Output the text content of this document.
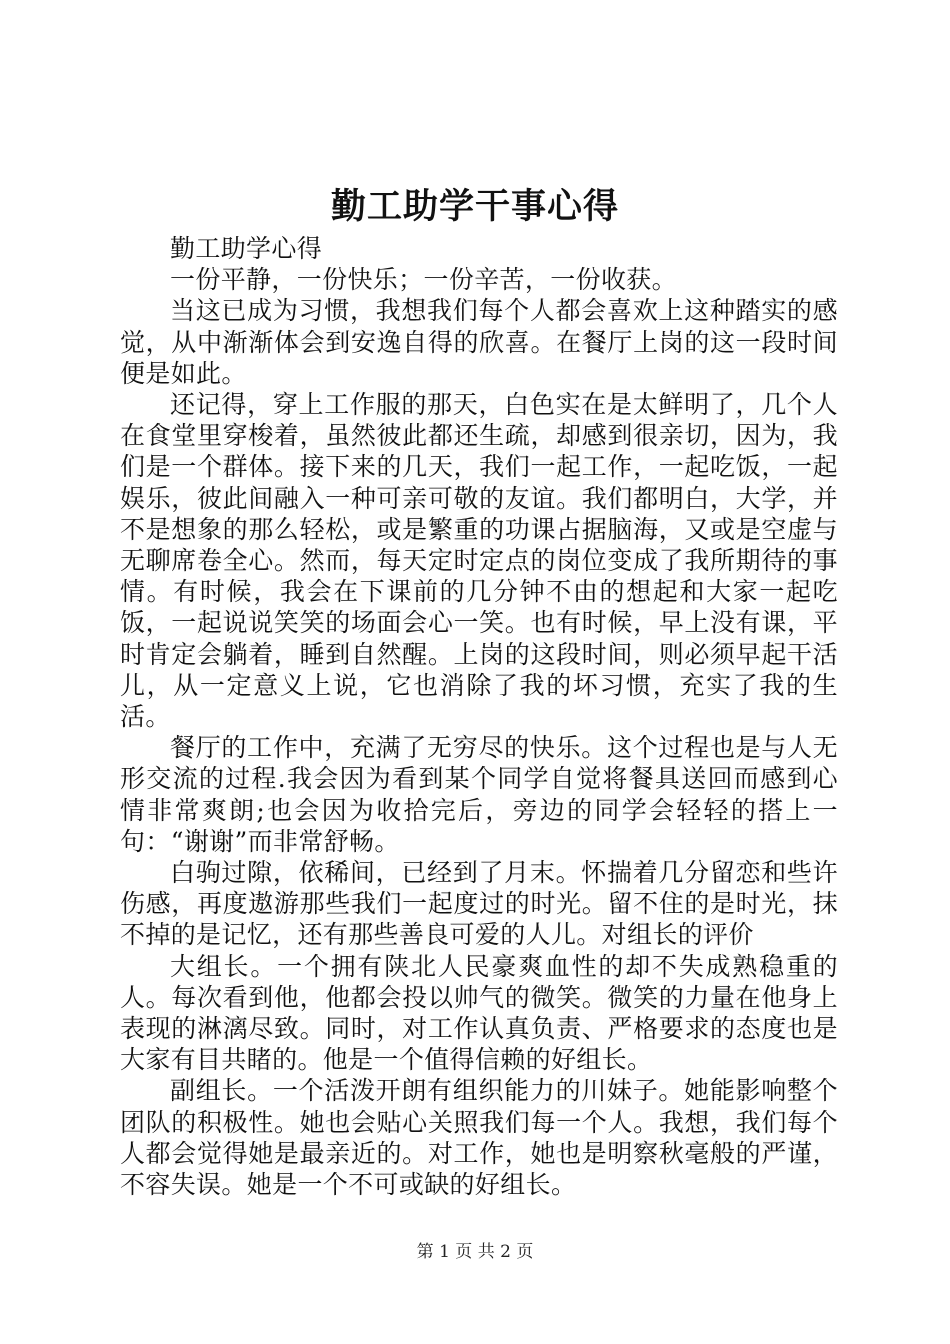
勤工助学干事心得

勤工助学心得

一份平静，一份快乐；一份辛苦，一份收获。

当这已成为习惯，我想我们每个人都会喜欢上这种踏实的感觉，从中渐渐体会到安逸自得的欣喜。在餐厅上岗的这一段时间便是如此。

还记得，穿上工作服的那天，白色实在是太鲜明了，几个人在食堂里穿梭着，虽然彼此都还生疏，却感到很亲切，因为，我们是一个群体。接下来的几天，我们一起工作，一起吃饭，一起娱乐，彼此间融入一种可亲可敬的友谊。我们都明白，大学，并不是想象的那么轻松，或是繁重的功课占据脑海，又或是空虚与无聊席卷全心。然而，每天定时定点的岗位变成了我所期待的事情。有时候，我会在下课前的几分钟不由的想起和大家一起吃饭，一起说说笑笑的场面会心一笑。也有时候，早上没有课，平时肯定会躺着，睡到自然醒。上岗的这段时间，则必须早起干活儿，从一定意义上说，它也消除了我的坏习惯，充实了我的生活。

餐厅的工作中，充满了无穷尽的快乐。这个过程也是与人无形交流的过程.我会因为看到某个同学自觉将餐具送回而感到心情非常爽朗;也会因为收拾完后，旁边的同学会轻轻的搭上一句：“谢谢”而非常舒畅。

白驹过隙，依稀间，已经到了月末。怀揣着几分留恋和些许伤感，再度遨游那些我们一起度过的时光。留不住的是时光，抹不掉的是记忆，还有那些善良可爱的人儿。对组长的评价

大组长。一个拥有陕北人民豪爽血性的却不失成熟稳重的人。每次看到他，他都会投以帅气的微笑。微笑的力量在他身上表现的淋漓尽致。同时，对工作认真负责、严格要求的态度也是大家有目共睹的。他是一个值得信赖的好组长。

副组长。一个活泼开朗有组织能力的川妹子。她能影响整个团队的积极性。她也会贴心关照我们每一个人。我想，我们每个人都会觉得她是最亲近的。对工作，她也是明察秋毫般的严谨，不容失误。她是一个不可或缺的好组长。

第 1 页 共 2 页
